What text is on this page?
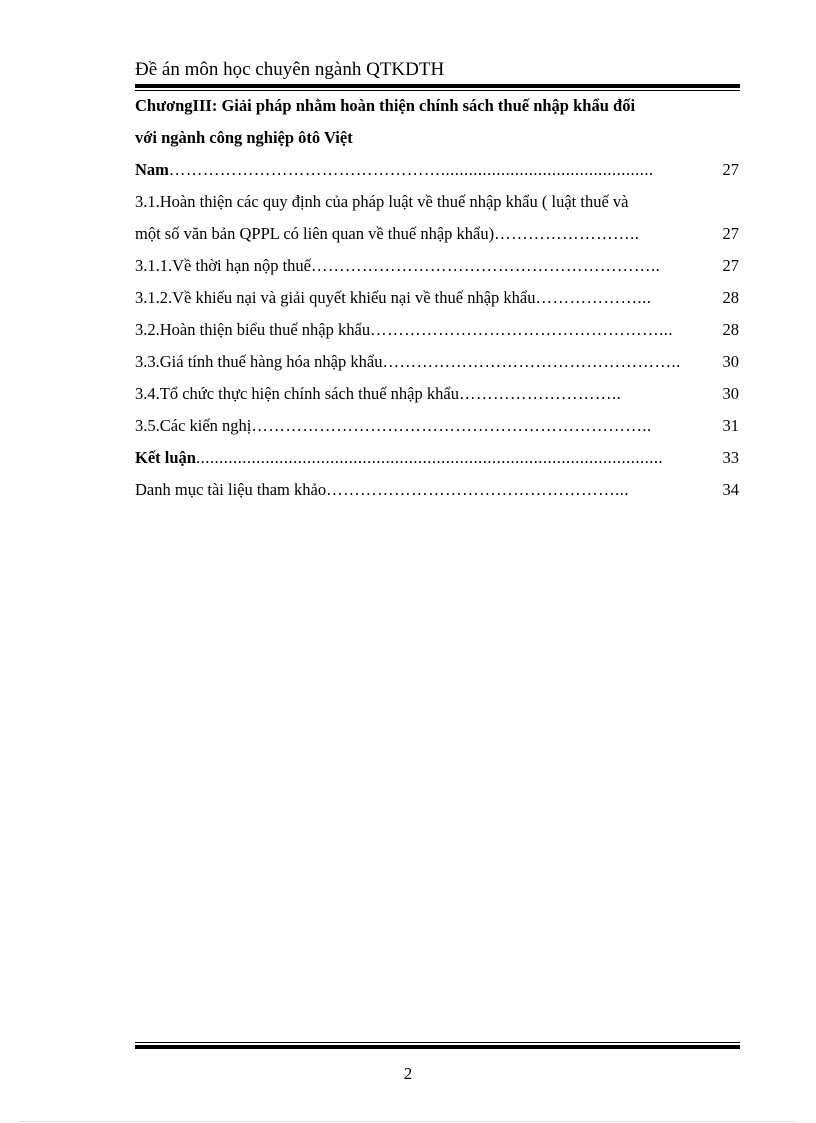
Đề án môn học chuyên ngành QTKDTH
ChươngIII: Giải pháp nhằm hoàn thiện chính sách thuế nhập khẩu đối
với ngành công nghiệp ôtô Việt
Nam …………………………………………..............................................	27
3.1.Hoàn thiện các quy định của pháp luật về thuế nhập khẩu ( luật thuế và
một số văn bản QPPL có liên quan về thuế nhập khẩu) ……………………..	27
3.1.1.Về thời hạn nộp thuế ……………………………………………………..	27
3.1.2.Về khiếu nại và giải quyết khiếu nại về thuế nhập khẩu ………………...	28
3.2.Hoàn thiện biểu thuế nhập khẩu ……………………………………………...	28
3.3.Giá tính thuế hàng hóa nhập khẩu ……………………………………………..	30
3.4.Tổ chức thực hiện chính sách thuế nhập khẩu ………………………..	30
3.5.Các kiến nghị ……………………………………………………………..	31
Kết luận .....................................................................................................	33
Danh mục tài liệu tham khảo ……………………………………………...	34
2
